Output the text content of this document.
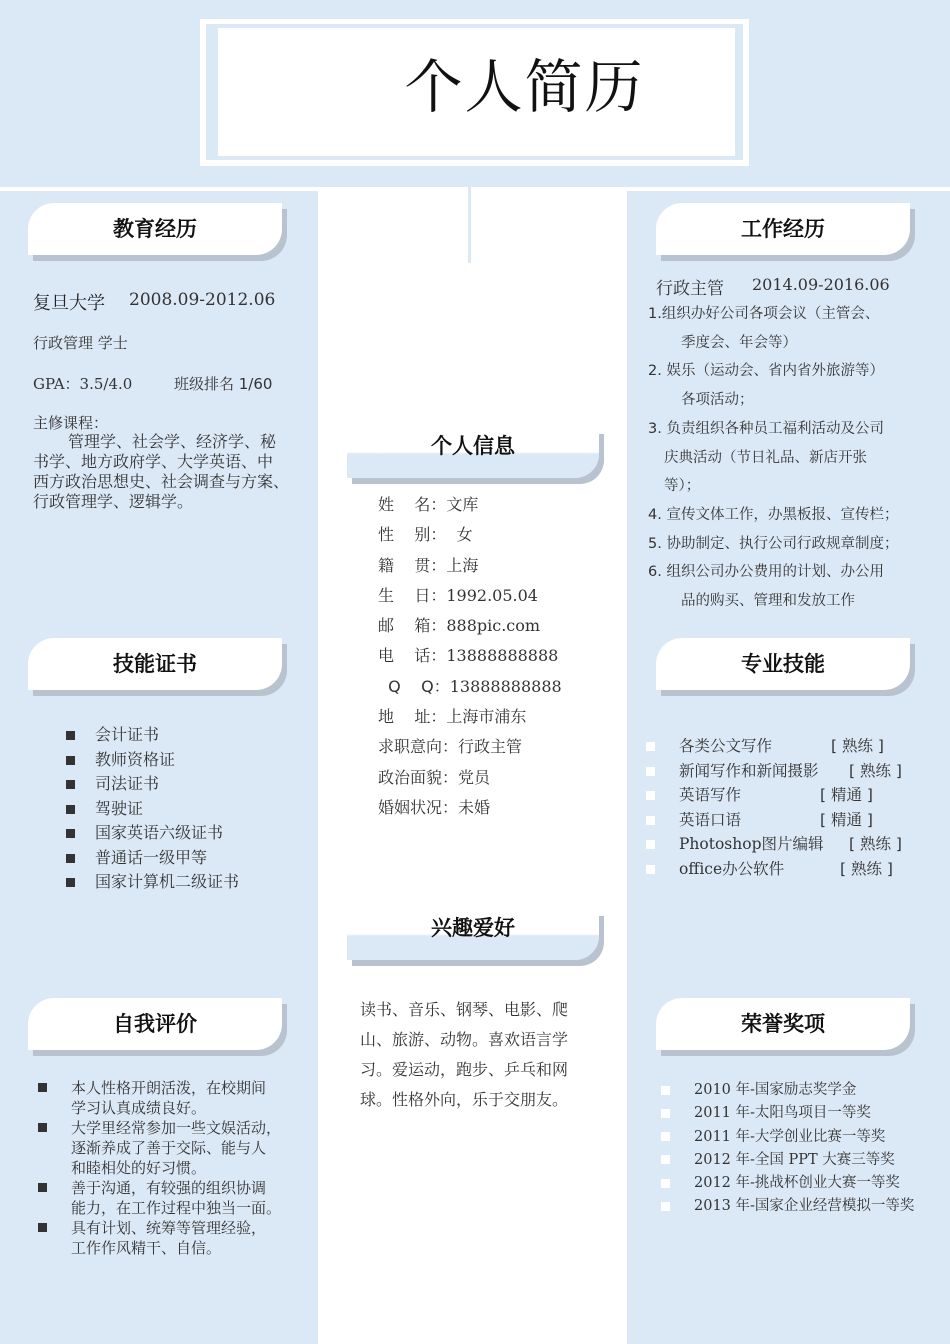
个人简历
教育经历
复旦大学 2008.09-2012.06
行政管理 学士
GPA：3.5/4.0	班级排名 1/60
主修课程：
管理学、社会学、经济学、秘
书学、地方政府学、大学英语、中
西方政治思想史、社会调查与方案、
行政管理学、逻辑学。
技能证书
会计证书
教师资格证
司法证书
驾驶证
国家英语六级证书
普通话一级甲等
国家计算机二级证书
自我评价
本人性格开朗活泼，在校期间
学习认真成绩良好。
大学里经常参加一些文娱活动，
逐渐养成了善于交际、能与人
和睦相处的好习惯。
善于沟通，有较强的组织协调
能力，在工作过程中独当一面。
具有计划、统筹等管理经验，
工作作风精干、自信。
个人信息
姓    名：文库
性    别：  女
籍    贯：上海
生    日：1992.05.04
邮    箱：888pic.com
电    话：13888888888
Q    Q：13888888888
地    址：上海市浦东
求职意向：行政主管
政治面貌：党员
婚姻状况：未婚
兴趣爱好
读书、音乐、钢琴、电影、爬
山、旅游、动物。喜欢语言学
习。爱运动，跑步、乒乓和网
球。性格外向，乐于交朋友。
工作经历
行政主管 2014.09-2016.06
1.组织办好公司各项会议（主管会、
季度会、年会等）
2. 娱乐（运动会、省内省外旅游等）
各项活动；
3. 负责组织各种员工福利活动及公司
庆典活动（节日礼品、新店开张
等）；
4. 宣传文体工作，办黑板报、宣传栏；
5. 协助制定、执行公司行政规章制度；
6. 组织公司办公费用的计划、办公用
品的购买、管理和发放工作
专业技能
各类公文写作	[ 熟练 ]
新闻写作和新闻摄影 [ 熟练 ]
英语写作	[ 精通 ]
英语口语	[ 精通 ]
Photoshop图片编辑 [ 熟练 ]
office办公软件	[ 熟练 ]
荣誉奖项
2010 年-国家励志奖学金
2011 年-太阳鸟项目一等奖
2011 年-大学创业比赛一等奖
2012 年-全国 PPT 大赛三等奖
2012 年-挑战杯创业大赛一等奖
2013 年-国家企业经营模拟一等奖
